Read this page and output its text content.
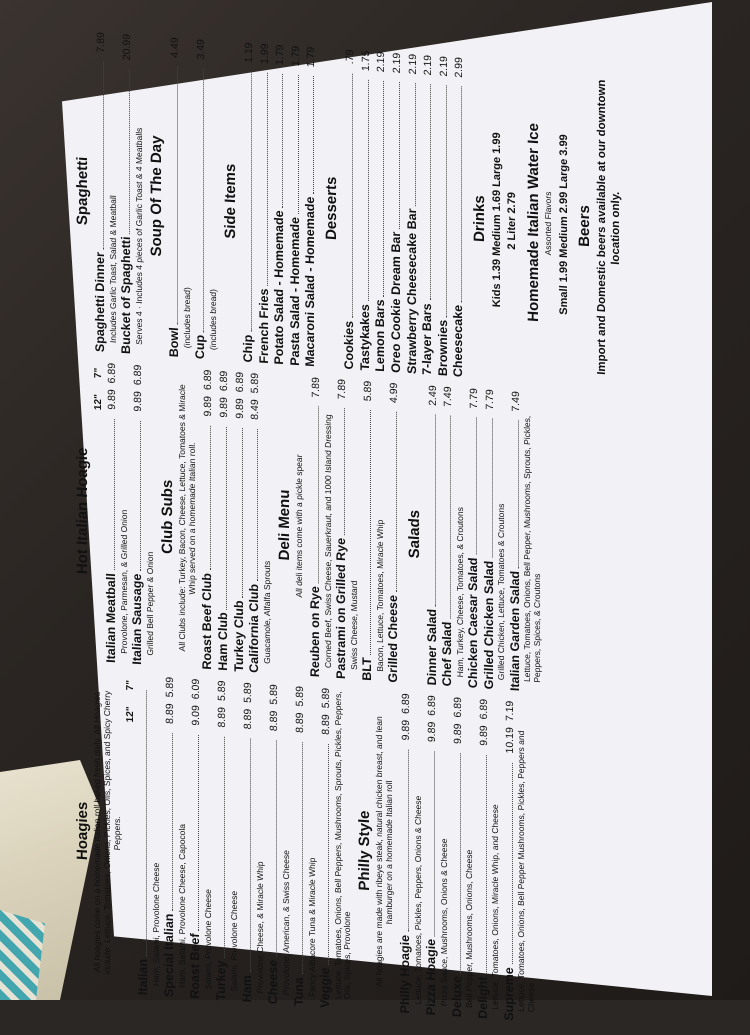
Hoagies All hoagies come on a homemade Italian roll baked fresh daily. All Hoagies include: Lettuce, Tomatoes, Onions, Pickles, Oils, Spices, and Spicy Cherry Peppers.
12"
7"
Italian Ham, Salami, Provolone Cheese Special Italian
8.89
5.89
Ham, Salami, Provolone Cheese, Capocola Roast Beef
9.09
6.09
Salami, Provolone Cheese Turkey
8.89
5.89
Salami, Provolone Cheese Ham
8.89
5.89
Provolone Cheese, & Miracle Whip Cheese
8.89
5.89
Provolone, American, & Swiss Cheese Tuna
8.89
5.89
Fancy Albacore Tuna & Miracle Whip Veggie
8.89
5.89 Lettuce, Tomatoes, Onions, Bell Peppers, Mushrooms, Sprouts, Pickles, Peppers, Oils, Spices, Provolone
Philly Style All hoagies are made with ribeye steak, natural chicken breast, and lean hamburger on a homemade Italian roll
Philly Hoagie
9.89
6.89
Lettuce, Tomatoes, Pickles, Peppers, Onions & Cheese Pizza Hoagie
9.89
6.89
Pizza Sauce, Mushrooms, Onions & Cheese Deluxe
9.89
6.89
Bell Pepper, Mushrooms, Onions, Cheese Delight
9.89
6.89
Lettuce, Tomatoes, Onions, Miracle Whip, and Cheese Supreme
10.19
7.19
Lettuce, Tomatoes, Onions, Bell Pepper Mushrooms, Pickles, Peppers and Cheese
Hot Italian Hoagie
12"
7"
Italian Meatball
9.89
6.89
Provolone, Parmesan, & Grilled Onion Italian Sausage
9.89
6.89
Grilled Bell Pepper & Onion
Club Subs All Clubs include: Turkey, Bacon, Cheese, Lettuce, Tomatoes & Miracle Whip served on a homemade Italian roll.
Roast Beef Club
9.89
6.89
Ham Club
9.89
6.89
Turkey Club
9.89
6.89
California Club
8.49
5.89
Guacamole, Alfalfa Sprouts
Deli Menu All deli items come with a pickle spear
Reuben on Rye
7.89
Corned Beef, Swiss Cheese, Sauerkraut, and 1000 Island Dressing Pastrami on Grilled Rye
7.89
Swiss Cheese, Mustard BLT
5.89
Bacon, Lettuce, Tomatoes, Miracle Whip Grilled Cheese
4.99
Salads
Dinner Salad
2.49
Chef Salad
7.49
Ham, Turkey, Cheese, Tomatoes, & Croutons Chicken Caesar Salad
7.79
Grilled Chicken Salad
7.79
Grilled Chicken, Lettuce, Tomatoes & Croutons Italian Garden Salad
7.49
Lettuce, Tomatoes, Onions, Bell Pepper, Mushrooms, Sprouts, Pickles, Peppers, Spices, & Croutons
Spaghetti
Spaghetti Dinner
7.89
Includes Garlic Toast, Salad & Meatball Bucket of Spaghetti
20.99
Serves 4 · Includes 4 pieces of Garlic Toast & 4 Meatballs Soup Of The Day
Bowl
4.49
(includes bread) Cup
3.49
(includes bread)
Side Items
Chip
1.19
French Fries
1.99
Potato Salad - Homemade
1.79
Pasta Salad - Homemade
1.79
Macaroni Salad - Homemade
1.79
Desserts
Cookies
.79
Tastykakes
1.75
Lemon Bars
2.19
Oreo Cookie Dream Bar
2.19
Strawberry Cheesecake Bar
2.19
7-layer Bars
2.19
Brownies
2.19
Cheesecake
2.99
Drinks Kids 1.39 Medium 1.69 Large 1.99 2 Liter 2.79 Homemade Italian Water Ice Assorted Flavors Small 1.99 Medium 2.99 Large 3.99 Beers Import and Domestic beers available at our downtown location only.
